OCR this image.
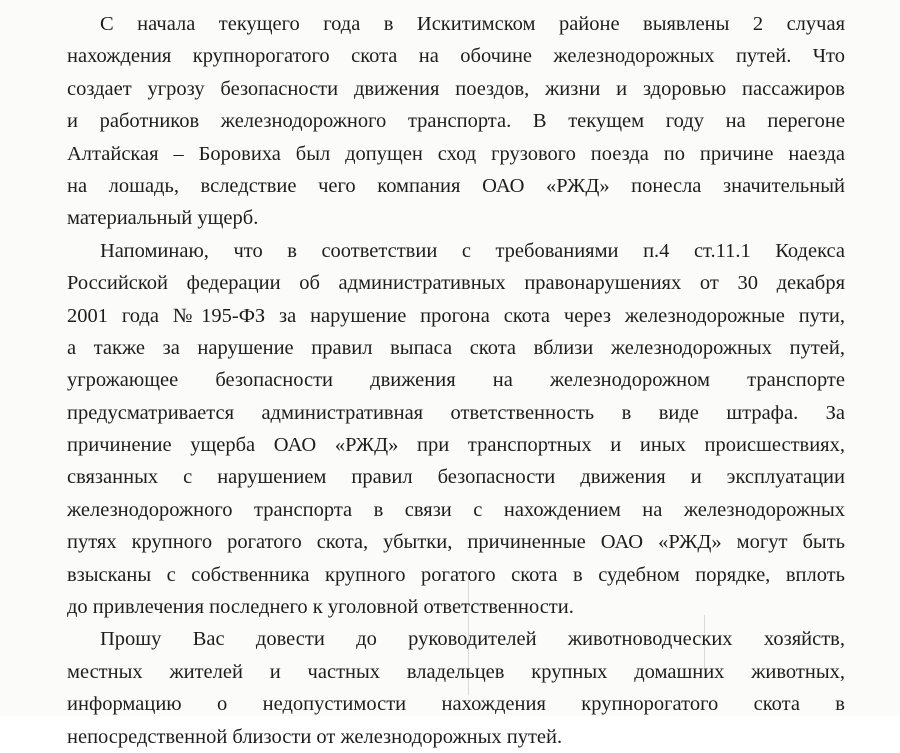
С начала текущего года в Искитимском районе выявлены 2 случая
нахождения крупнорогатого скота на обочине железнодорожных путей. Что
создает угрозу безопасности движения поездов, жизни и здоровью пассажиров
и работников железнодорожного транспорта. В текущем году на перегоне
Алтайская – Боровиха был допущен сход грузового поезда по причине наезда
на лошадь, вследствие чего компания ОАО «РЖД» понесла значительный
материальный ущерб.
Напоминаю, что в соответствии с требованиями п.4 ст.11.1 Кодекса
Российской федерации об административных правонарушениях от 30 декабря
2001 года №195-ФЗ за нарушение прогона скота через железнодорожные пути,
а также за нарушение правил выпаса скота вблизи железнодорожных путей,
угрожающее безопасности движения на железнодорожном транспорте
предусматривается административная ответственность в виде штрафа. За
причинение ущерба ОАО «РЖД» при транспортных и иных происшествиях,
связанных с нарушением правил безопасности движения и эксплуатации
железнодорожного транспорта в связи с нахождением на железнодорожных
путях крупного рогатого скота, убытки, причиненные ОАО «РЖД» могут быть
взысканы с собственника крупного рогатого скота в судебном порядке, вплоть
до привлечения последнего к уголовной ответственности.
Прошу Вас довести до руководителей животноводческих хозяйств,
местных жителей и частных владельцев крупных домашних животных,
информацию о недопустимости нахождения крупнорогатого скота в
непосредственной близости от железнодорожных путей.
